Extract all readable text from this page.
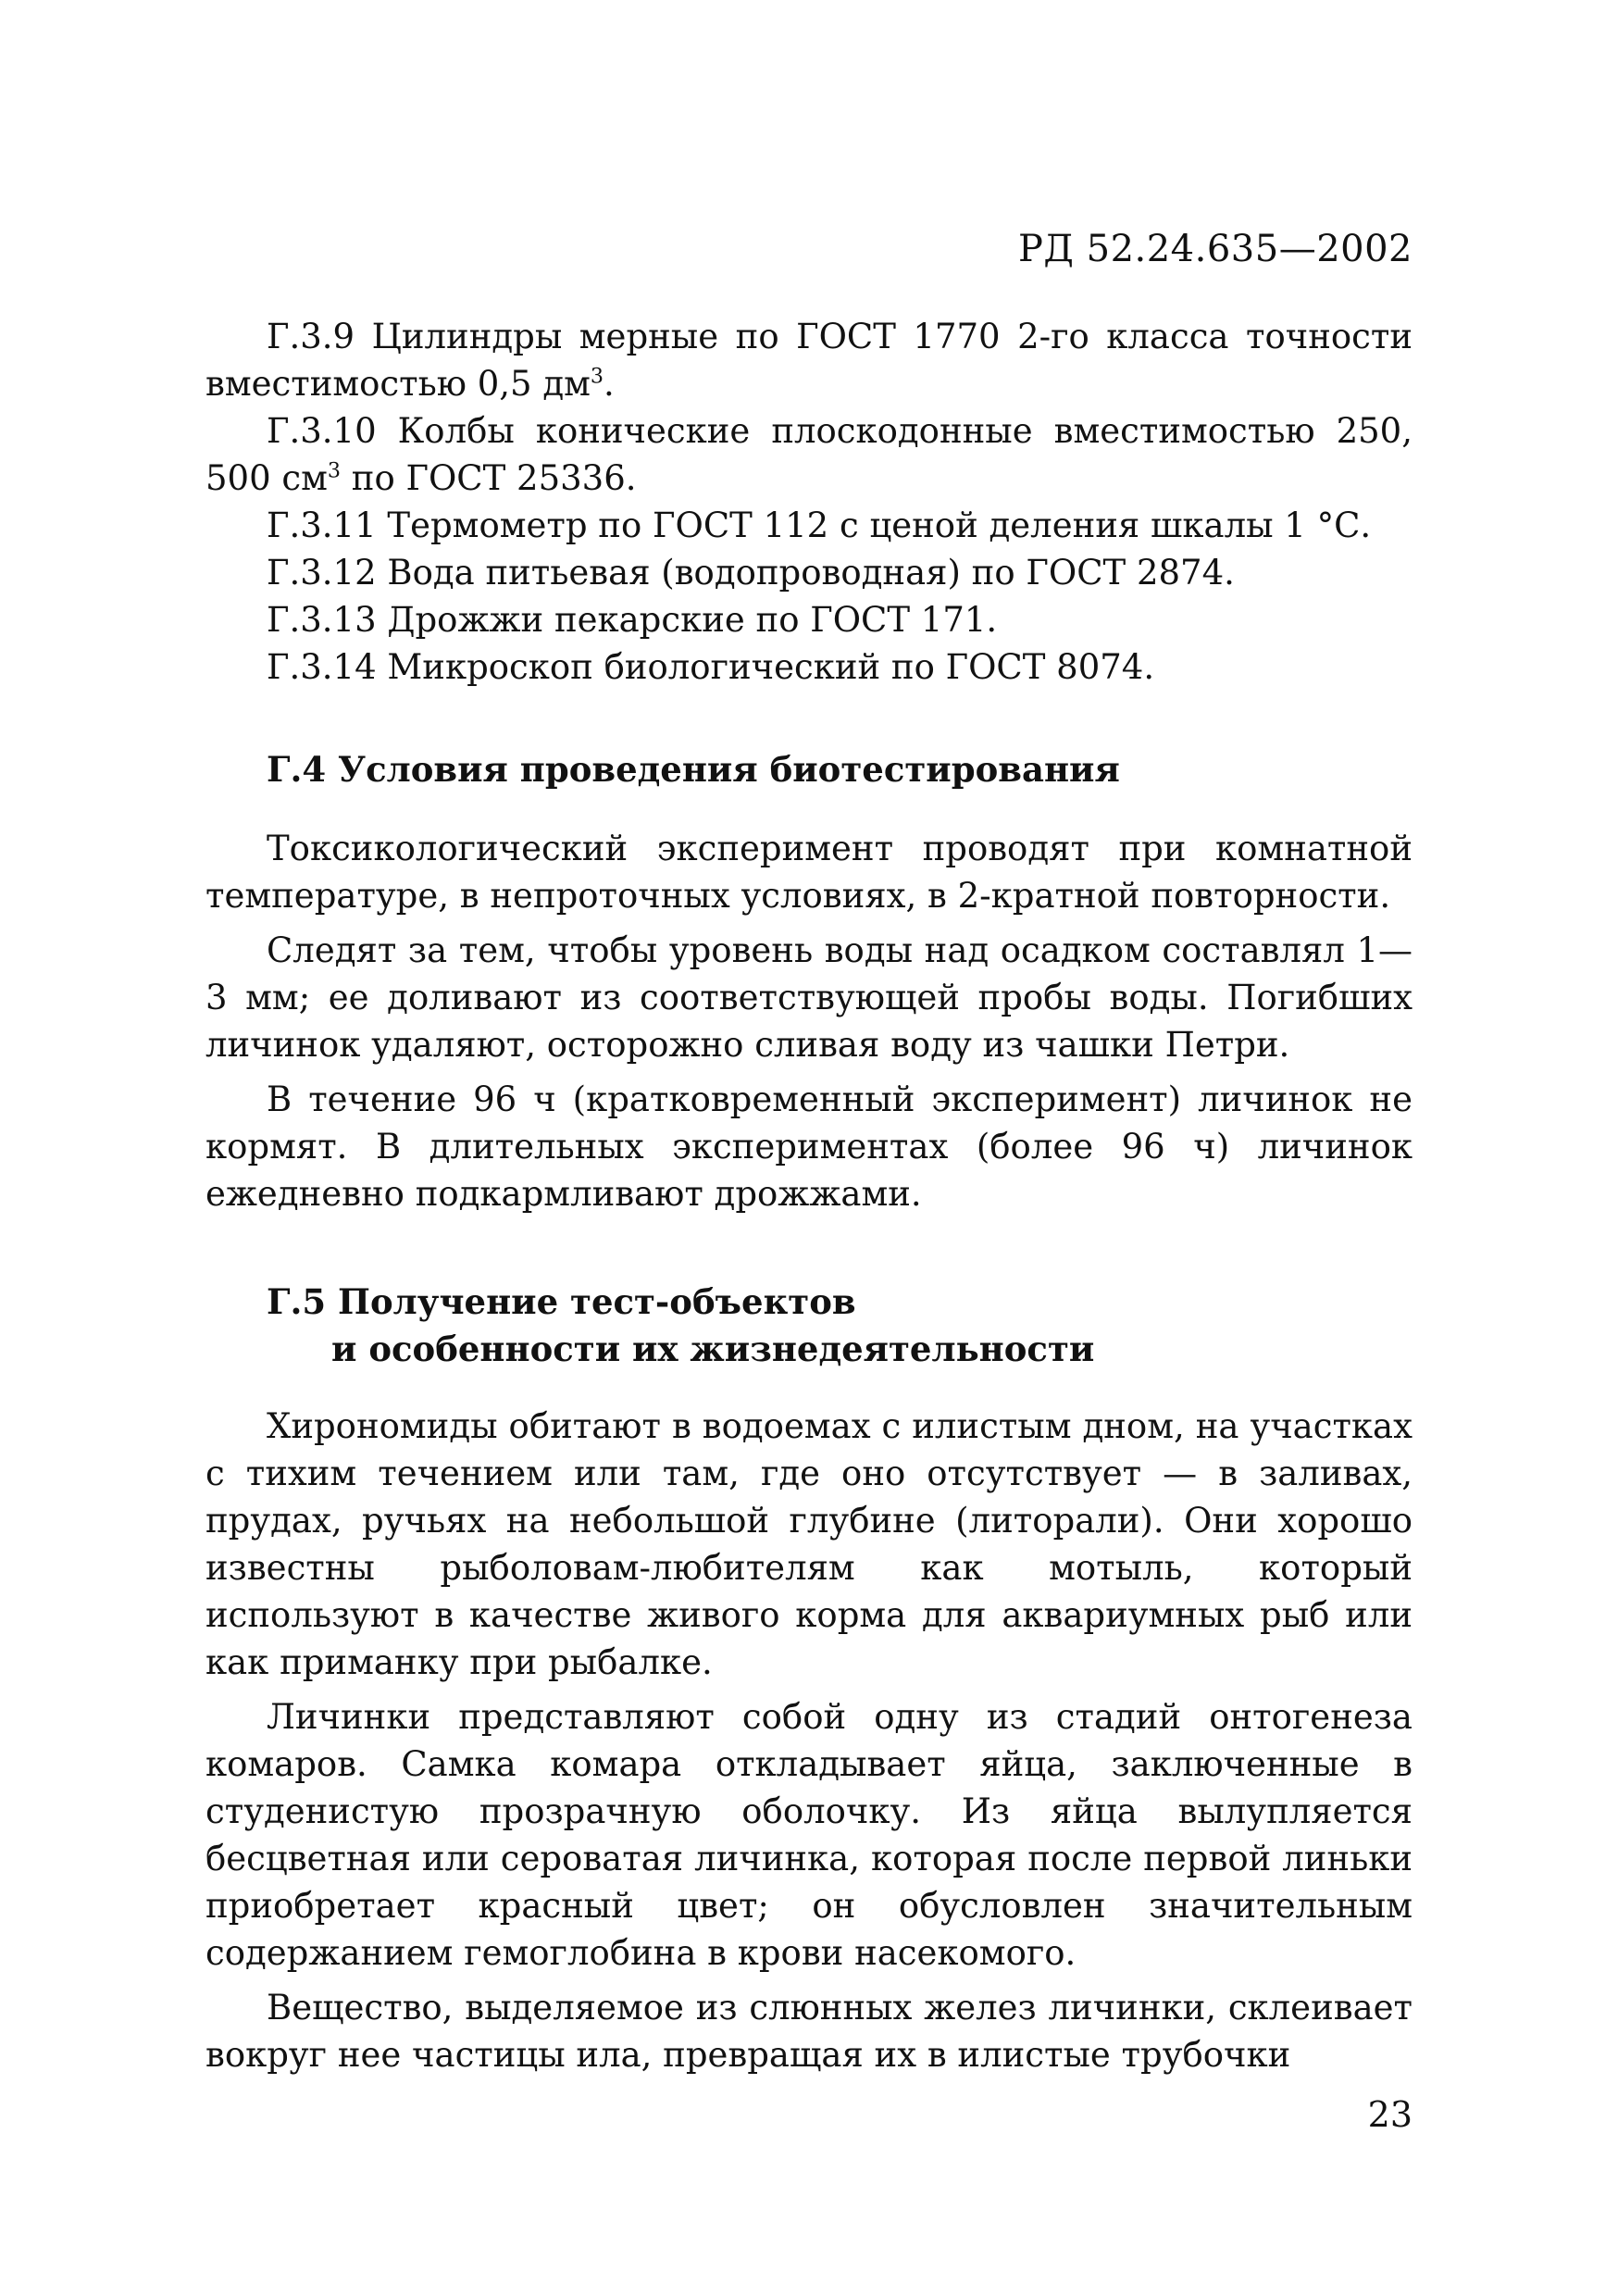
РД 52.24.635—2002

Г.3.9 Цилиндры мерные по ГОСТ 1770 2-го класса точности вместимостью 0,5 $дм^3$.

Г.3.10 Колбы конические плоскодонные вместимостью 250, 500 $см^3$ по ГОСТ 25336.

Г.3.11 Термометр по ГОСТ 112 с ценой деления шкалы 1 °С.

Г.3.12 Вода питьевая (водопроводная) по ГОСТ 2874.

Г.3.13 Дрожжи пекарские по ГОСТ 171.

Г.3.14 Микроскоп биологический по ГОСТ 8074.

Г.4 Условия проведения биотестирования

Токсикологический эксперимент проводят при комнатной температуре, в непроточных условиях, в 2-кратной повторности.

Следят за тем, чтобы уровень воды над осадком составлял 1—3 мм; ее доливают из соответствующей пробы воды. Погибших личинок удаляют, осторожно сливая воду из чашки Петри.

В течение 96 ч (кратковременный эксперимент) личинок не кормят. В длительных экспериментах (более 96 ч) личинок ежедневно подкармливают дрожжами.

Г.5 Получение тест-объектов
и особенности их жизнедеятельности

Хирономиды обитают в водоемах с илистым дном, на участках с тихим течением или там, где оно отсутствует — в заливах, прудах, ручьях на небольшой глубине (литорали). Они хорошо известны рыболовам-любителям как мотыль, который используют в качестве живого корма для аквариумных рыб или как приманку при рыбалке.

Личинки представляют собой одну из стадий онтогенеза комаров. Самка комара откладывает яйца, заключенные в студенистую прозрачную оболочку. Из яйца вылупляется бесцветная или сероватая личинка, которая после первой линьки приобретает красный цвет; он обусловлен значительным содержанием гемоглобина в крови насекомого.

Вещество, выделяемое из слюнных желез личинки, склеивает вокруг нее частицы ила, превращая их в илистые трубочки

23
